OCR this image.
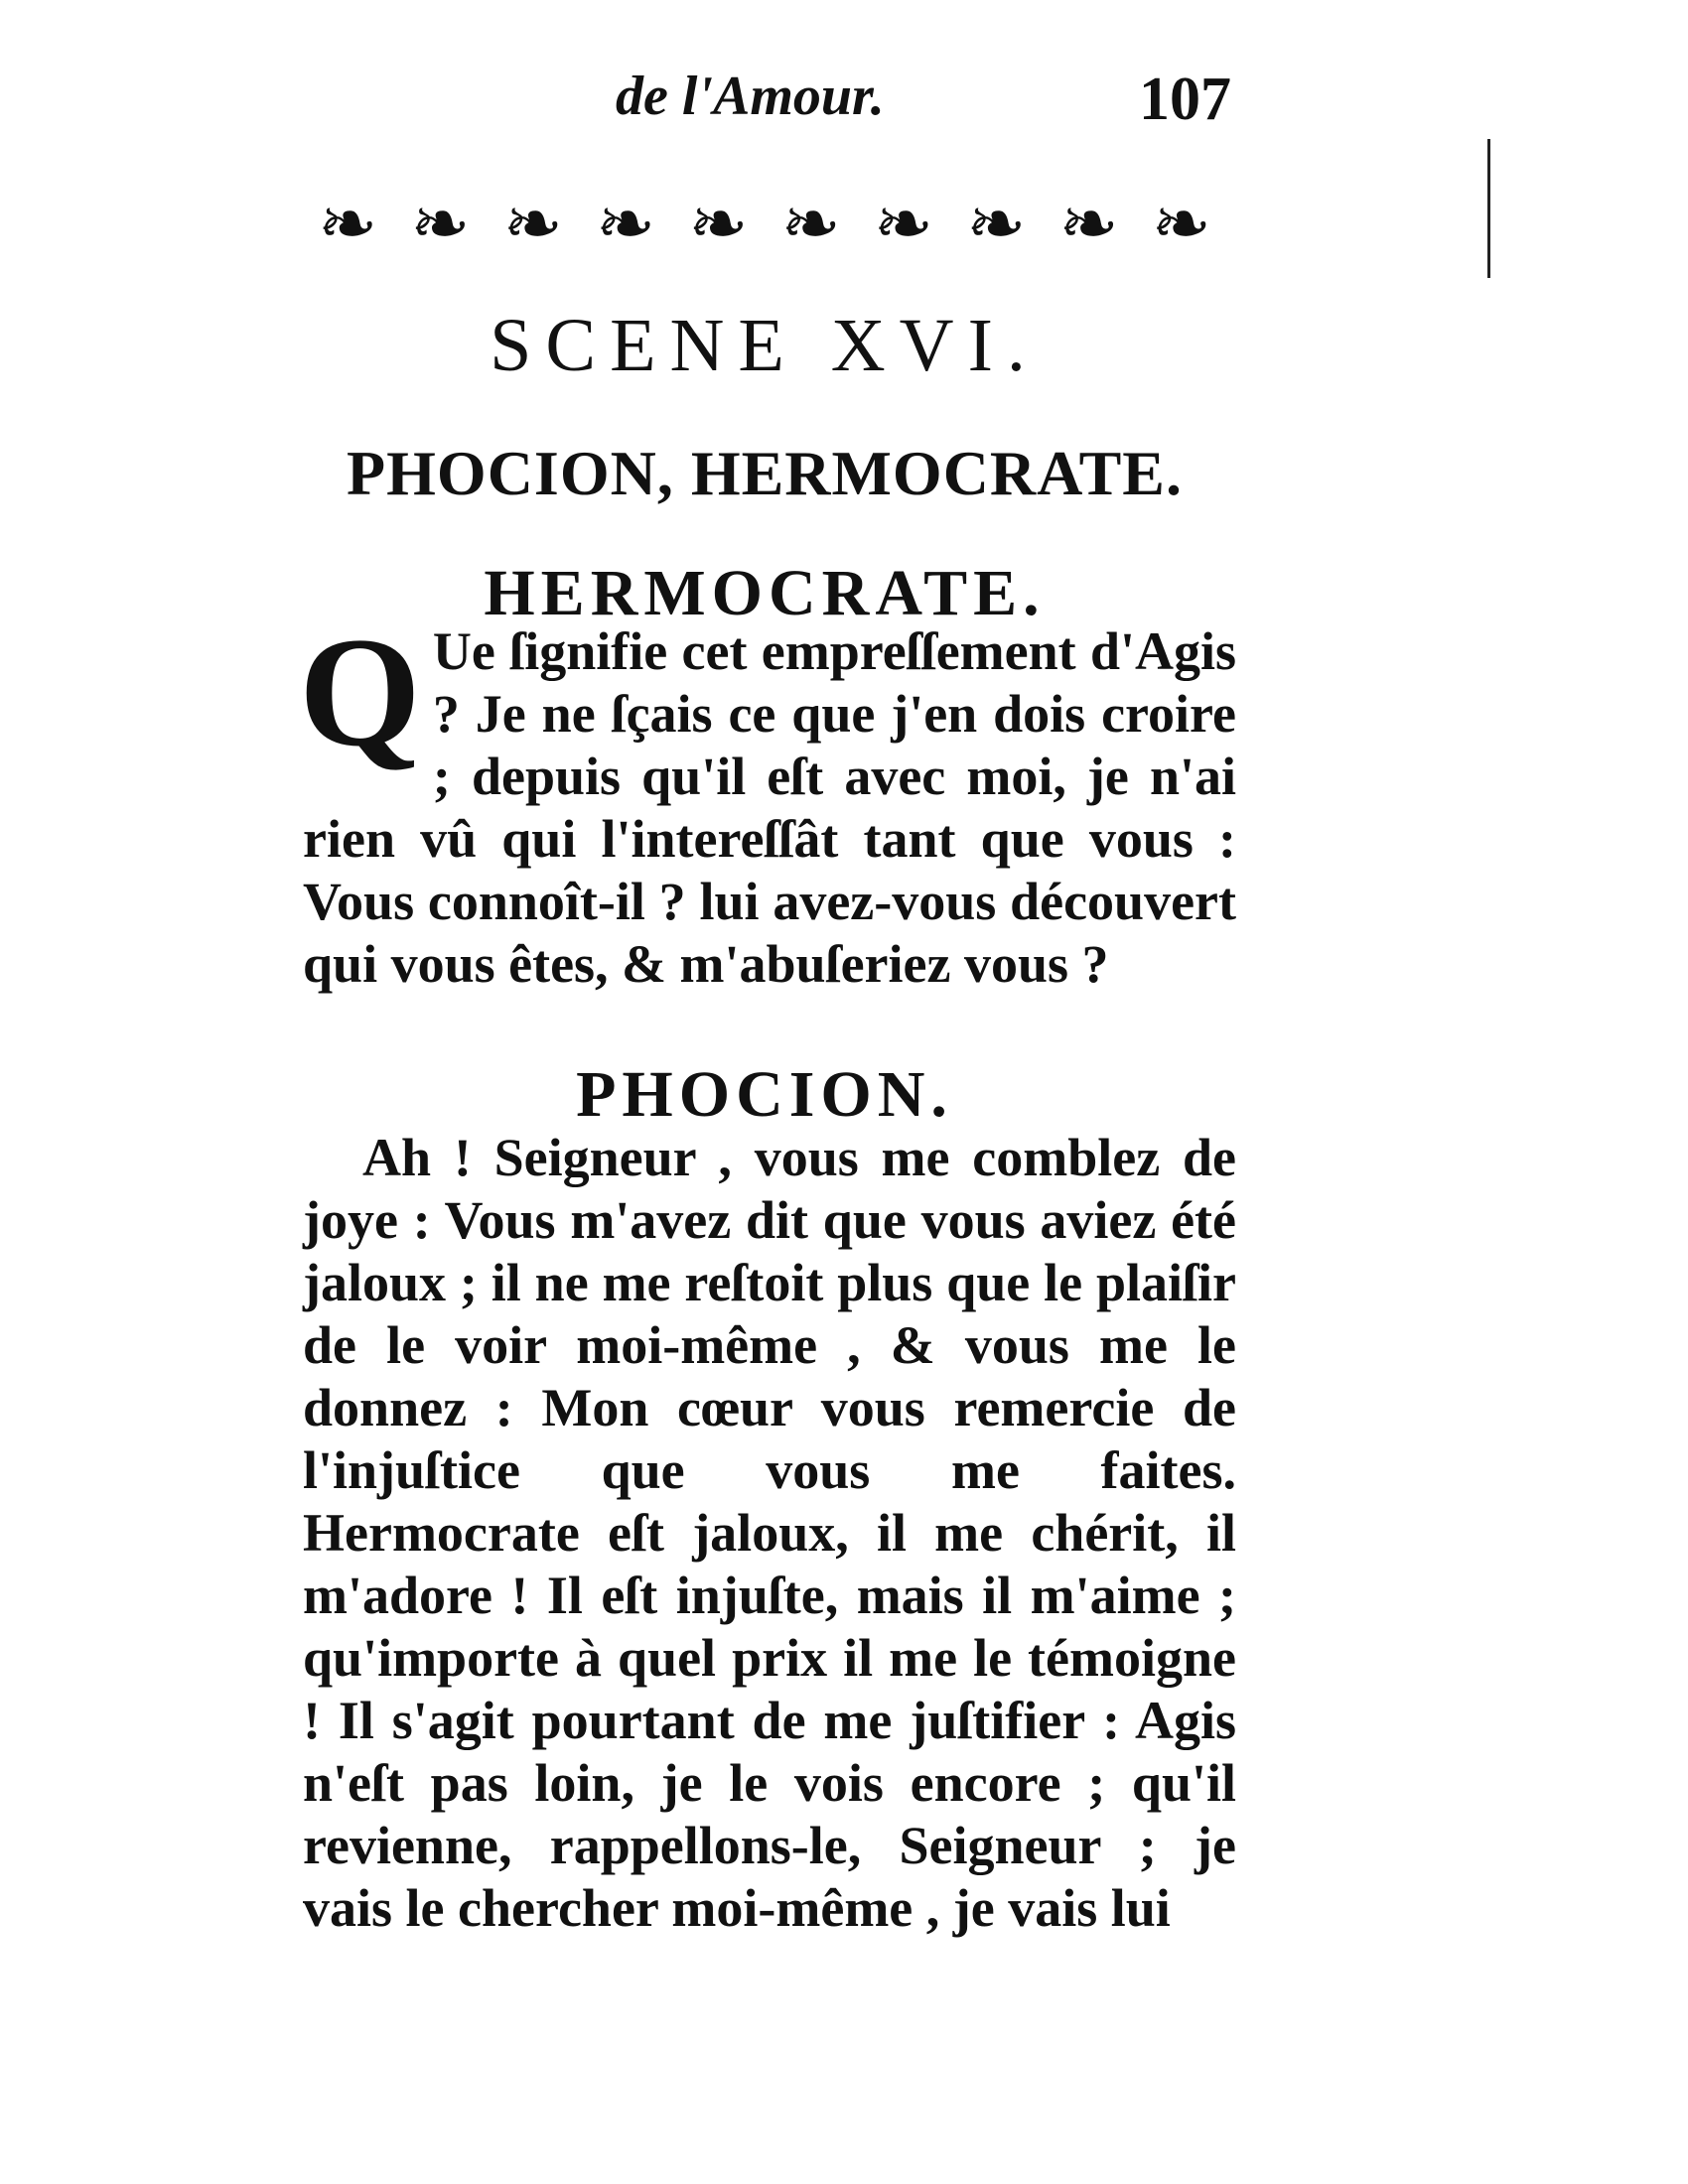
de l'Amour.	107
❧ ❧ ❧ ❧ ❧ ❧ ❧ ❧ ❧ ❧
SCENE XVI.
PHOCION, HERMOCRATE.
HERMOCRATE.
Q Ue ſignifie cet empreſſement d'Agis ? Je ne ſçais ce que j'en dois croire ; depuis qu'il eſt avec moi, je n'ai rien vû qui l'intereſſât tant que vous : Vous connoît-il ? lui avez-vous découvert qui vous êtes, & m'abuſeriez vous ?
PHOCION.
Ah ! Seigneur , vous me comblez de joye : Vous m'avez dit que vous aviez été jaloux ; il ne me reſtoit plus que le plaiſir de le voir moi-même , & vous me le donnez : Mon cœur vous remercie de l'injuſtice que vous me faites. Hermocrate eſt jaloux, il me chérit, il m'adore ! Il eſt injuſte, mais il m'aime ; qu'importe à quel prix il me le témoigne ! Il s'agit pourtant de me juſtifier : Agis n'eſt pas loin, je le vois encore ; qu'il revienne, rappellons-le, Seigneur ; je vais le chercher moi-même , je vais lui
